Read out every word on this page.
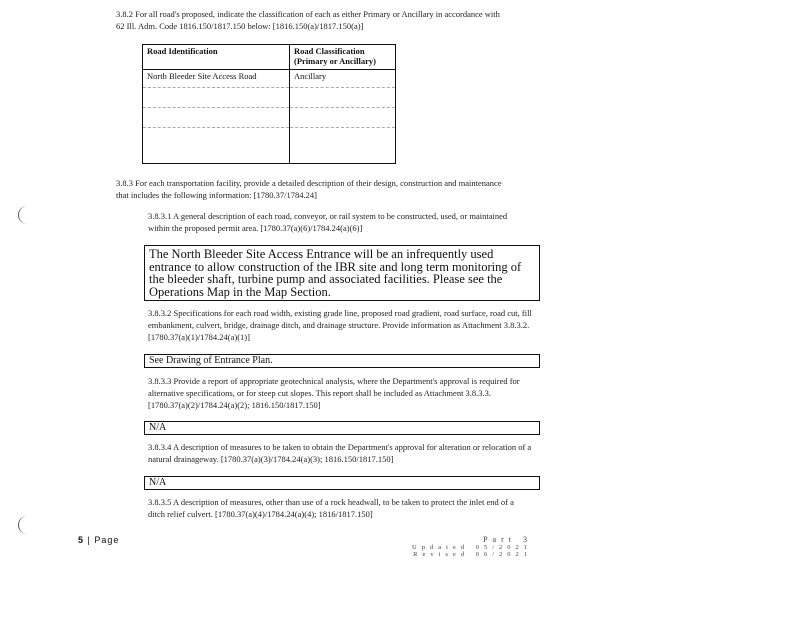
3.8.2 For all road's proposed, indicate the classification of each as either Primary or Ancillary in accordance with 62 Ill. Adm. Code 1816.150/1817.150 below: [1816.150(a)/1817.150(a)]
Road Identification	Road Classification (Primary or Ancillary)
North Bleeder Site Access Road	Ancillary

3.8.3 For each transportation facility, provide a detailed description of their design, construction and maintenance that includes the following information: [1780.37/1784.24]
3.8.3.1 A general description of each road, conveyor, or rail system to be constructed, used, or maintained within the proposed permit area. [1780.37(a)(6)/1784.24(a)(6)]
The North Bleeder Site Access Entrance will be an infrequently used entrance to allow construction of the IBR site and long term monitoring of the bleeder shaft, turbine pump and associated facilities. Please see the Operations Map in the Map Section.
3.8.3.2 Specifications for each road width, existing grade line, proposed road gradient, road surface, road cut, fill embankment, culvert, bridge, drainage ditch, and drainage structure. Provide information as Attachment 3.8.3.2. [1780.37(a)(1)/1784.24(a)(1)]
See Drawing of Entrance Plan.
3.8.3.3 Provide a report of appropriate geotechnical analysis, where the Department's approval is required for alternative specifications, or for steep cut slopes. This report shall be included as Attachment 3.8.3.3. [1780.37(a)(2)/1784.24(a)(2); 1816.150/1817.150]
N/A
3.8.3.4 A description of measures to be taken to obtain the Department's approval for alteration or relocation of a natural drainageway. [1780.37(a)(3)/1784.24(a)(3); 1816.150/1817.150]
N/A
3.8.3.5 A description of measures, other than use of a rock headwall, to be taken to protect the inlet end of a ditch relief culvert. [1780.37(a)(4)/1784.24(a)(4); 1816/1817.150]
5 | Page	Part 3
Updated 05/2021
Revised 06/2021
